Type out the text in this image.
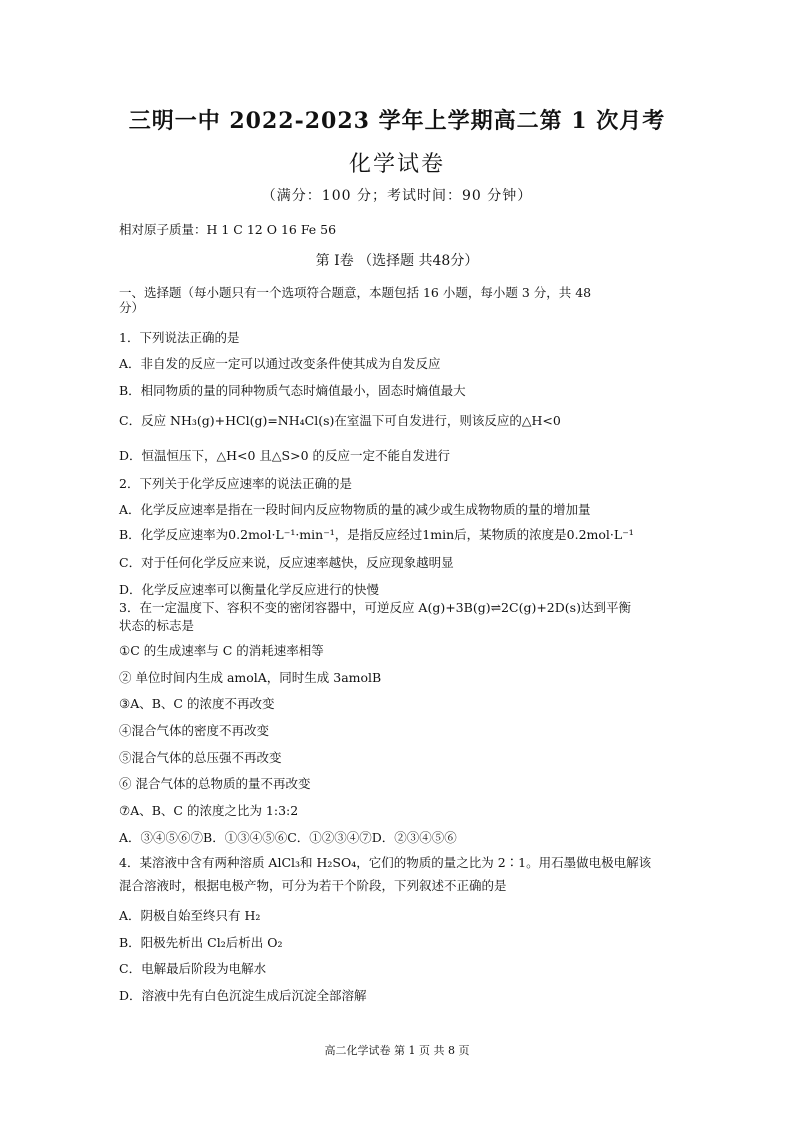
三明一中 2022-2023 学年上学期高二第 1 次月考
化学试卷
（满分：100 分；考试时间：90 分钟）
相对原子质量：H 1 C 12 O 16 Fe 56
第 Ⅰ卷 （选择题 共48分）
一、选择题（每小题只有一个选项符合题意，本题包括 16 小题，每小题 3 分，共 48
分）
1．下列说法正确的是
A．非自发的反应一定可以通过改变条件使其成为自发反应
B．相同物质的量的同种物质气态时熵值最小，固态时熵值最大
C．反应 NH₃(g)+HCl(g)=NH₄Cl(s)在室温下可自发进行，则该反应的△H<0
D．恒温恒压下，△H<0 且△S>0 的反应一定不能自发进行
2．下列关于化学反应速率的说法正确的是
A．化学反应速率是指在一段时间内反应物物质的量的减少或生成物物质的量的增加量
B．化学反应速率为0.2mol·L⁻¹·min⁻¹，是指反应经过1min后，某物质的浓度是0.2mol·L⁻¹
C．对于任何化学反应来说，反应速率越快，反应现象越明显
D．化学反应速率可以衡量化学反应进行的快慢
3．在一定温度下、容积不变的密闭容器中，可逆反应 A(g)+3B(g)⇌2C(g)+2D(s)达到平衡
状态的标志是
①C 的生成速率与 C 的消耗速率相等
② 单位时间内生成 amolA，同时生成 3amolB
③A、B、C 的浓度不再改变
④混合气体的密度不再改变
⑤混合气体的总压强不再改变
⑥ 混合气体的总物质的量不再改变
⑦A、B、C 的浓度之比为 1:3:2
A．③④⑤⑥⑦B．①③④⑤⑥C．①②③④⑦D．②③④⑤⑥
4．某溶液中含有两种溶质 AlCl₃和 H₂SO₄，它们的物质的量之比为 2∶1。用石墨做电极电解该
混合溶液时，根据电极产物，可分为若干个阶段，下列叙述不正确的是
A．阴极自始至终只有 H₂
B．阳极先析出 Cl₂后析出 O₂
C．电解最后阶段为电解水
D．溶液中先有白色沉淀生成后沉淀全部溶解
高二化学试卷 第 1 页 共 8 页
